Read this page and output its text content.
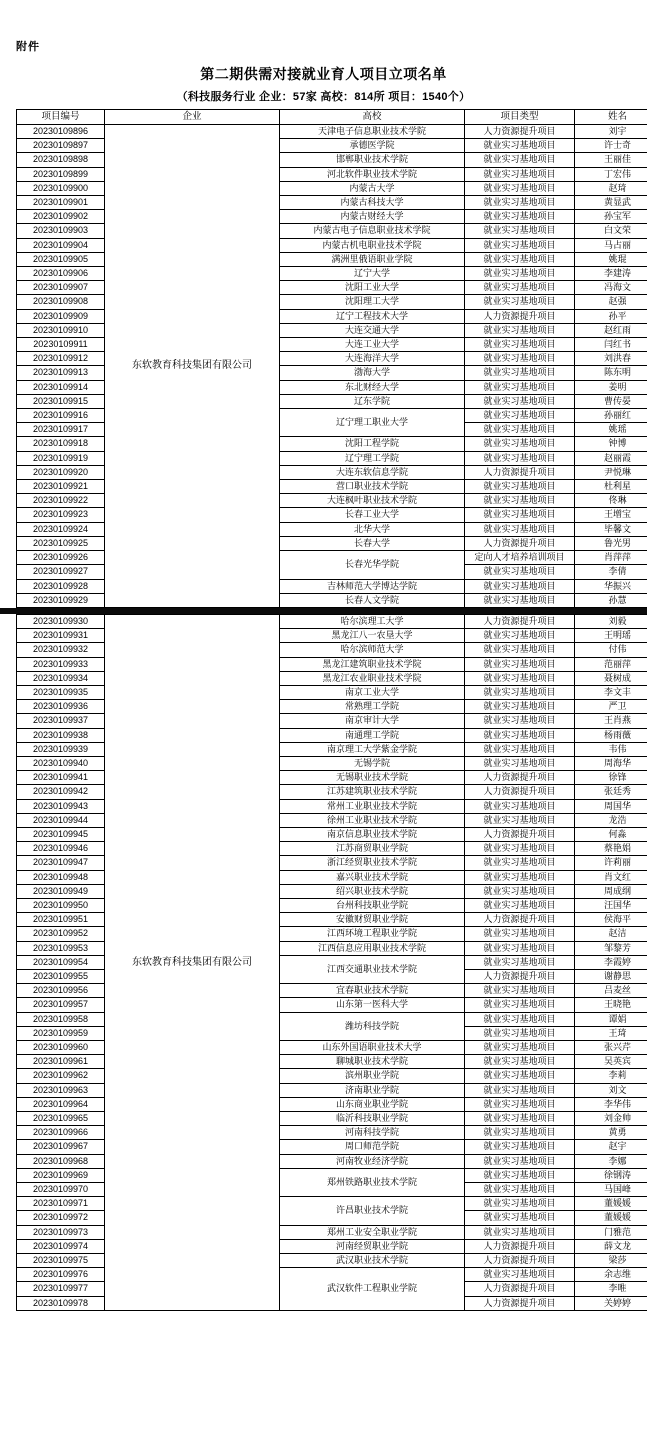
附件
第二期供需对接就业育人项目立项名单
（科技服务行业 企业：57家 高校：814所 项目：1540个）
项目编号	企业	高校	项目类型	姓名
20230109896	东软教育科技集团有限公司	天津电子信息职业技术学院	人力资源提升项目	刘宇
20230109897		承德医学院	就业实习基地项目	许士奇
20230109898		邯郸职业技术学院	就业实习基地项目	王丽佳
20230109899		河北软件职业技术学院	就业实习基地项目	丁宏伟
20230109900		内蒙古大学	就业实习基地项目	赵琦
20230109901		内蒙古科技大学	就业实习基地项目	黄显武
20230109902		内蒙古财经大学	就业实习基地项目	孙宝军
20230109903		内蒙古电子信息职业技术学院	就业实习基地项目	白文荣
20230109904		内蒙古机电职业技术学院	就业实习基地项目	马占丽
20230109905		满洲里俄语职业学院	就业实习基地项目	姚琨
20230109906		辽宁大学	就业实习基地项目	李建涛
20230109907		沈阳工业大学	就业实习基地项目	冯海文
20230109908		沈阳理工大学	就业实习基地项目	赵强
20230109909		辽宁工程技术大学	人力资源提升项目	孙平
20230109910		大连交通大学	就业实习基地项目	赵红雨
20230109911		大连工业大学	就业实习基地项目	闫红书
20230109912		大连海洋大学	就业实习基地项目	刘洪春
20230109913		渤海大学	就业实习基地项目	陈东明
20230109914		东北财经大学	就业实习基地项目	姜明
20230109915		辽东学院	就业实习基地项目	曹传晏
20230109916		辽宁理工职业大学	就业实习基地项目	孙丽红
20230109917			就业实习基地项目	姚瑶
20230109918		沈阳工程学院	就业实习基地项目	钟博
20230109919		辽宁理工学院	就业实习基地项目	赵丽霞
20230109920		大连东软信息学院	人力资源提升项目	尹悦琳
20230109921		营口职业技术学院	就业实习基地项目	杜利星
20230109922		大连枫叶职业技术学院	就业实习基地项目	佟琳
20230109923		长春工业大学	就业实习基地项目	王增宝
20230109924		北华大学	就业实习基地项目	毕馨文
20230109925		长春大学	人力资源提升项目	鲁光男
20230109926		长春光华学院	定向人才培养培训项目	肖萍萍
20230109927			就业实习基地项目	李倩
20230109928		吉林师范大学博达学院	就业实习基地项目	华振兴
20230109929		长春人文学院	就业实习基地项目	孙慧
20230109930	东软教育科技集团有限公司	哈尔滨理工大学	人力资源提升项目	刘毅
20230109931		黑龙江八一农垦大学	就业实习基地项目	王明瑶
20230109932		哈尔滨师范大学	就业实习基地项目	付伟
20230109933		黑龙江建筑职业技术学院	就业实习基地项目	范丽萍
20230109934		黑龙江农业职业技术学院	就业实习基地项目	聂树成
20230109935		南京工业大学	就业实习基地项目	李文丰
20230109936		常熟理工学院	就业实习基地项目	严卫
20230109937		南京审计大学	就业实习基地项目	王肖燕
20230109938		南通理工学院	就业实习基地项目	杨雨薇
20230109939		南京理工大学紫金学院	就业实习基地项目	韦伟
20230109940		无锡学院	就业实习基地项目	周海华
20230109941		无锡职业技术学院	人力资源提升项目	徐锋
20230109942		江苏建筑职业技术学院	人力资源提升项目	张廷秀
20230109943		常州工业职业技术学院	就业实习基地项目	周国华
20230109944		徐州工业职业技术学院	就业实习基地项目	龙浩
20230109945		南京信息职业技术学院	人力资源提升项目	何淼
20230109946		江苏商贸职业学院	就业实习基地项目	蔡艳娟
20230109947		浙江经贸职业技术学院	就业实习基地项目	许莉丽
20230109948		嘉兴职业技术学院	就业实习基地项目	肖文红
20230109949		绍兴职业技术学院	就业实习基地项目	周成纲
20230109950		台州科技职业学院	就业实习基地项目	汪国华
20230109951		安徽财贸职业学院	人力资源提升项目	侯海平
20230109952		江西环境工程职业学院	就业实习基地项目	赵洁
20230109953		江西信息应用职业技术学院	就业实习基地项目	邹黎芳
20230109954		江西交通职业技术学院	就业实习基地项目	李霞婷
20230109955			人力资源提升项目	谢静思
20230109956		宜春职业技术学院	就业实习基地项目	吕麦丝
20230109957		山东第一医科大学	就业实习基地项目	王晓艳
20230109958		潍坊科技学院	就业实习基地项目	谭娟
20230109959			就业实习基地项目	王琦
20230109960		山东外国语职业技术大学	就业实习基地项目	张兴芹
20230109961		聊城职业技术学院	就业实习基地项目	吴英宾
20230109962		滨州职业学院	就业实习基地项目	李莉
20230109963		济南职业学院	就业实习基地项目	刘文
20230109964		山东商业职业学院	就业实习基地项目	李华伟
20230109965		临沂科技职业学院	就业实习基地项目	刘金帅
20230109966		河南科技学院	就业实习基地项目	黄勇
20230109967		周口师范学院	就业实习基地项目	赵宇
20230109968		河南牧业经济学院	就业实习基地项目	李娜
20230109969		郑州铁路职业技术学院	就业实习基地项目	徐钢涛
20230109970			就业实习基地项目	马国峰
20230109971		许昌职业技术学院	就业实习基地项目	董媛媛
20230109972			就业实习基地项目	董媛媛
20230109973		郑州工业安全职业学院	就业实习基地项目	门雅范
20230109974		河南经贸职业学院	人力资源提升项目	薛文龙
20230109975		武汉职业技术学院	人力资源提升项目	梁莎
20230109976		武汉软件工程职业学院	就业实习基地项目	余志维
20230109977			人力资源提升项目	李唯
20230109978			人力资源提升项目	关婷婷
